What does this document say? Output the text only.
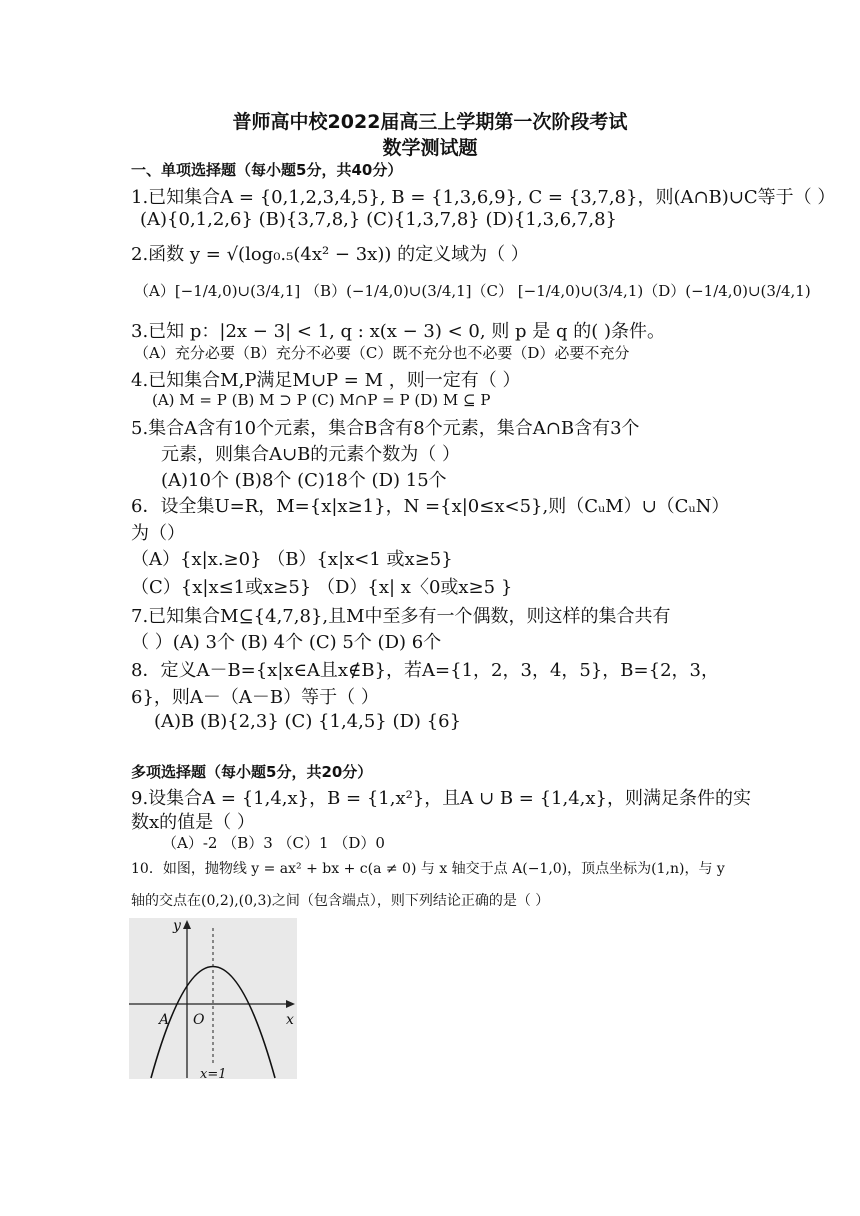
普师高中校2022届高三上学期第一次阶段考试
数学测试题
一、单项选择题（每小题5分，共40分）
1.已知集合A = {0,1,2,3,4,5}, B = {1,3,6,9}, C = {3,7,8}，则(A∩B)∪C等于（ ）
(A){0,1,2,6} (B){3,7,8,} (C){1,3,7,8} (D){1,3,6,7,8}
2.函数 y = √(log₀.₅(4x² − 3x)) 的定义域为（ ）
（A）[−1/4,0)∪(3/4,1] （B）(−1/4,0)∪(3/4,1]（C） [−1/4,0)∪(3/4,1)（D）(−1/4,0)∪(3/4,1)
3.已知 p：|2x − 3| < 1, q : x(x − 3) < 0, 则 p 是 q 的( )条件。
（A）充分必要（B）充分不必要（C）既不充分也不必要（D）必要不充分
4.已知集合M,P满足M∪P = M ，则一定有（ ）
(A) M = P (B) M ⊃ P (C) M∩P = P (D) M ⊆ P
5.集合A含有10个元素，集合B含有8个元素，集合A∩B含有3个
元素，则集合A∪B的元素个数为（ ）
(A)10个 (B)8个 (C)18个 (D) 15个
6．设全集U=R，M={x|x≥1}，N ={x|0≤x<5},则（CᵤM）∪（CᵤN）
为（）
（A）{x|x.≥0} （B）{x|x<1 或x≥5}
（C）{x|x≤1或x≥5} （D）{x| x〈0或x≥5 }
7.已知集合M⊆{4,7,8},且M中至多有一个偶数，则这样的集合共有
（ ）(A) 3个 (B) 4个 (C) 5个 (D) 6个
8．定义A－B={x|x∈A且x∉B}，若A={1，2，3，4，5}，B={2，3，
6}，则A－（A－B）等于（ ）
(A)B (B){2,3} (C) {1,4,5} (D) {6}
多项选择题（每小题5分，共20分）
9.设集合A = {1,4,x}，B = {1,x²}，且A ∪ B = {1,4,x}，则满足条件的实
数x的值是（ ）
（A）-2 （B）3 （C）1 （D）0
10．如图，抛物线 y = ax² + bx + c(a ≠ 0) 与 x 轴交于点 A(−1,0)，顶点坐标为(1,n)，与 y
轴的交点在(0,2),(0,3)之间（包含端点），则下列结论正确的是（ ）
y
x
A O
x=1
